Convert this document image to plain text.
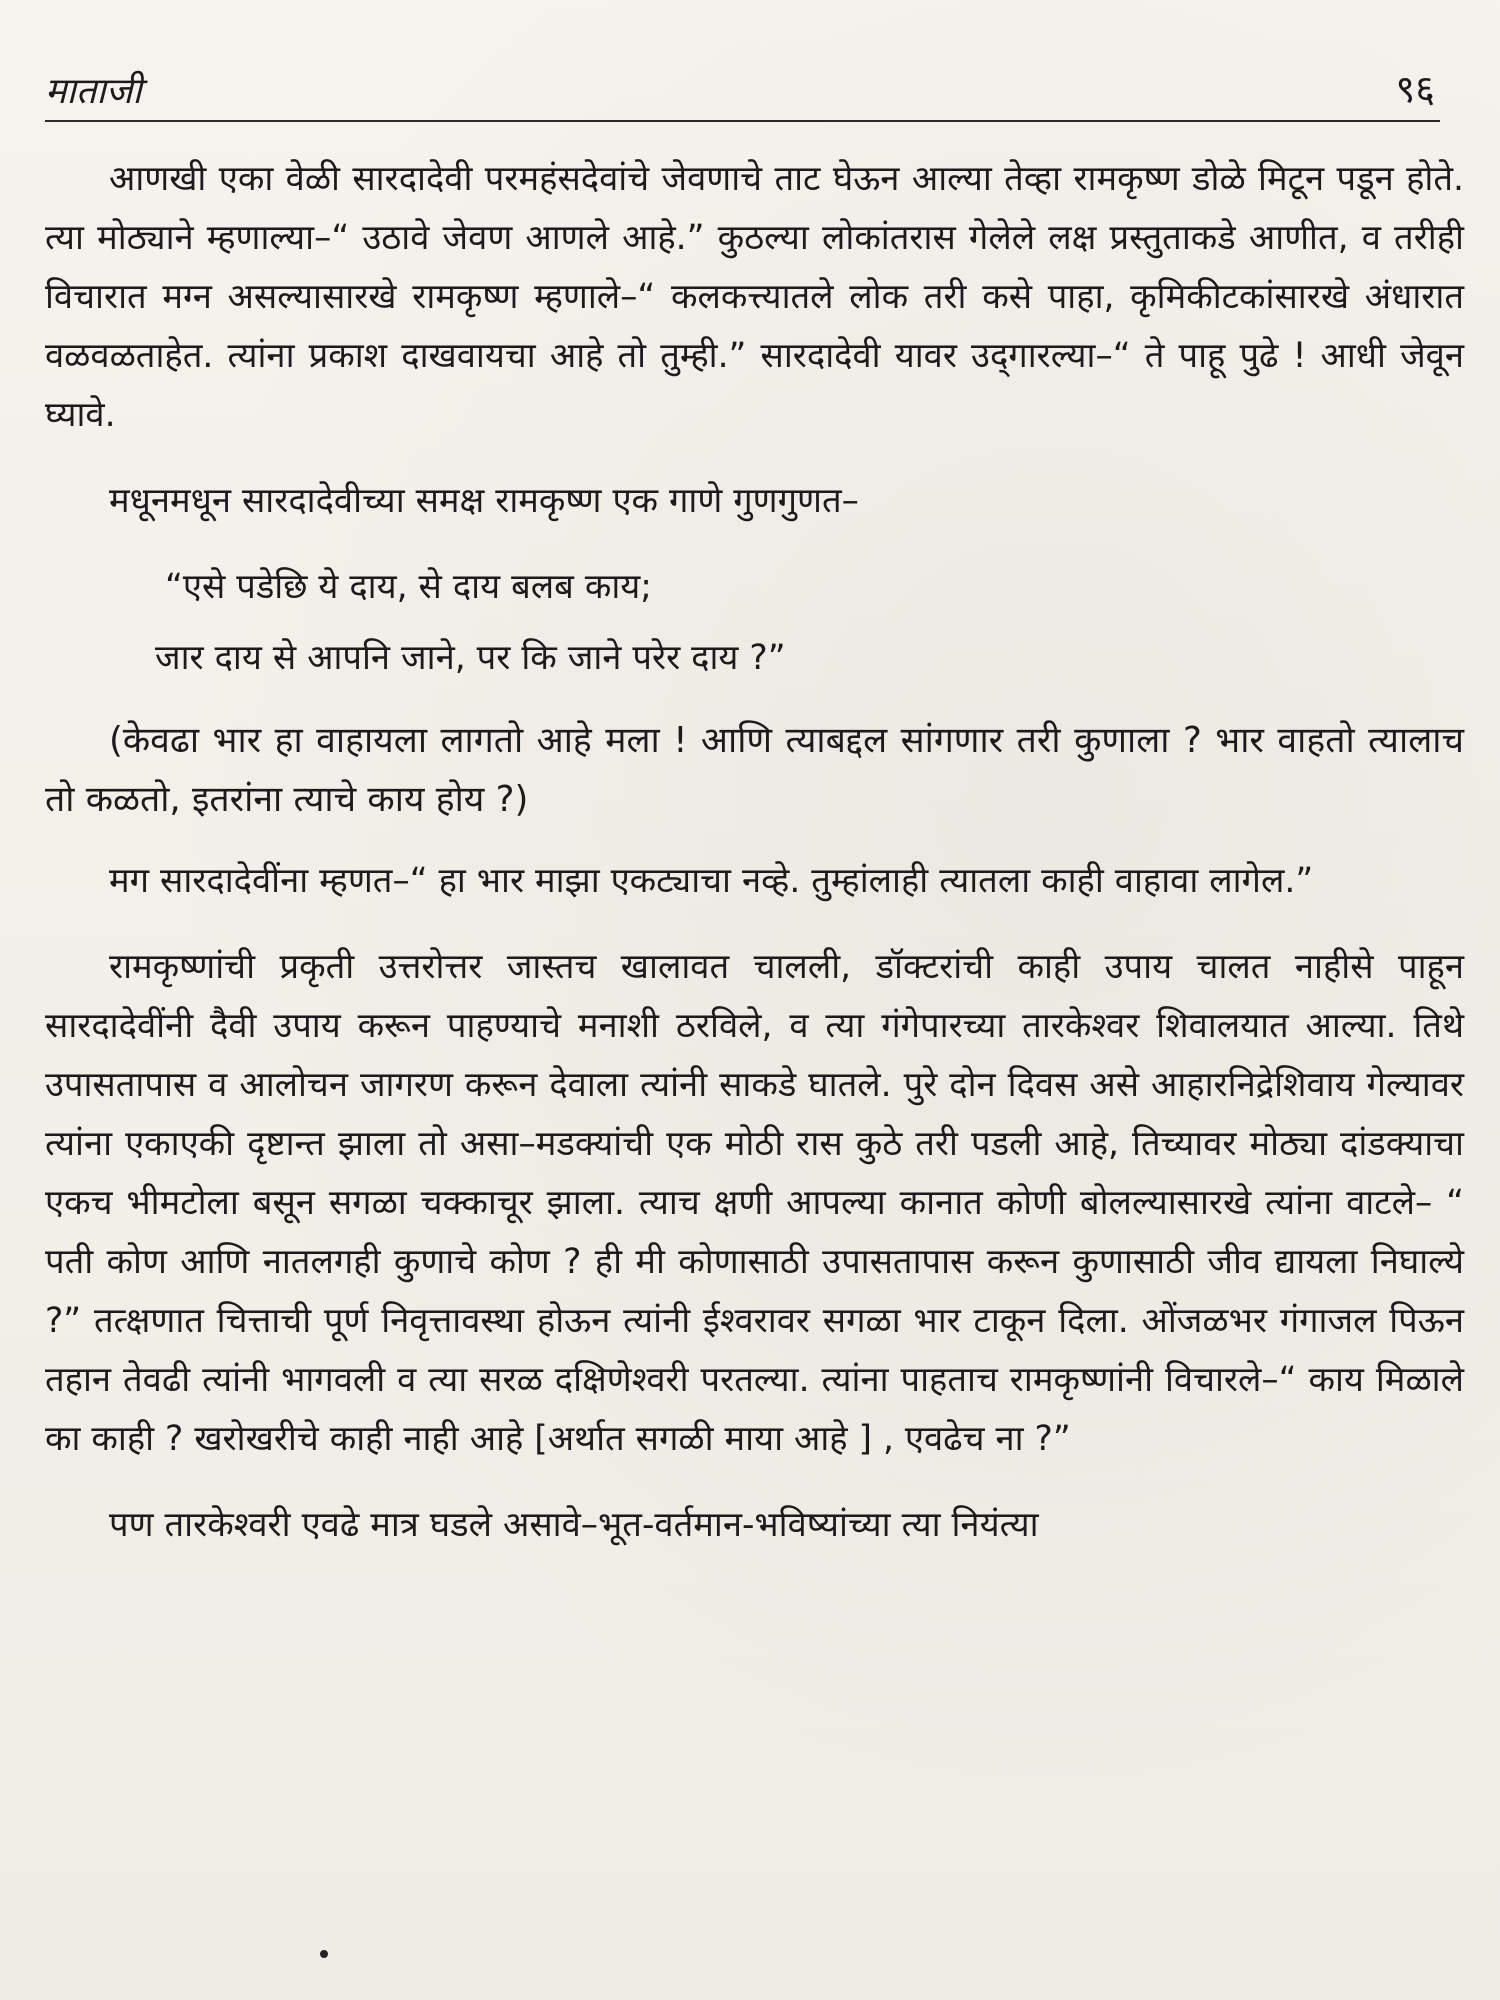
माताजी	९६

आणखी एका वेळी सारदादेवी परमहंसदेवांचे जेवणाचे ताट घेऊन आल्या तेव्हा रामकृष्ण डोळे मिटून पडून होते. त्या मोठ्याने म्हणाल्या–“ उठावे जेवण आणले आहे.” कुठल्या लोकांतरास गेलेले लक्ष प्रस्तुताकडे आणीत, व तरीही विचारात मग्न असल्यासारखे रामकृष्ण म्हणाले–“ कलकत्त्यातले लोक तरी कसे पाहा, कृमिकीटकांसारखे अंधारात वळवळताहेत. त्यांना प्रकाश दाखवायचा आहे तो तुम्ही.” सारदादेवी यावर उद्‌गारल्या–“ ते पाहू पुढे ! आधी जेवून घ्यावे.

मधूनमधून सारदादेवीच्या समक्ष रामकृष्ण एक गाणे गुणगुणत–

“एसे पडेछि ये दाय, से दाय बलब काय;
जार दाय से आपनि जाने, पर कि जाने परेर दाय ?”

(केवढा भार हा वाहायला लागतो आहे मला ! आणि त्याबद्दल सांगणार तरी कुणाला ? भार वाहतो त्यालाच तो कळतो, इतरांना त्याचे काय होय ?)

मग सारदादेवींना म्हणत–“ हा भार माझा एकट्याचा नव्हे. तुम्हांलाही त्यातला काही वाहावा लागेल.”

रामकृष्णांची प्रकृती उत्तरोत्तर जास्तच खालावत चालली, डॉक्टरांची काही उपाय चालत नाहीसे पाहून सारदादेवींनी दैवी उपाय करून पाहण्याचे मनाशी ठरविले, व त्या गंगेपारच्या तारकेश्वर शिवालयात आल्या. तिथे उपासतापास व आलोचन जागरण करून देवाला त्यांनी साकडे घातले. पुरे दोन दिवस असे आहारनिद्रेशिवाय गेल्यावर त्यांना एकाएकी दृष्टान्त झाला तो असा–मडक्यांची एक मोठी रास कुठे तरी पडली आहे, तिच्यावर मोठ्या दांडक्याचा एकच भीमटोला बसून सगळा चक्काचूर झाला. त्याच क्षणी आपल्या कानात कोणी बोलल्यासारखे त्यांना वाटले– “ पती कोण आणि नातलगही कुणाचे कोण ? ही मी कोणासाठी उपासतापास करून कुणासाठी जीव द्यायला निघाल्ये ?” तत्क्षणात चित्ताची पूर्ण निवृत्तावस्था होऊन त्यांनी ईश्वरावर सगळा भार टाकून दिला. ओंजळभर गंगाजल पिऊन तहान तेवढी त्यांनी भागवली व त्या सरळ दक्षिणेश्वरी परतल्या. त्यांना पाहताच रामकृष्णांनी विचारले–“ काय मिळाले का काही ? खरोखरीचे काही नाही आहे [अर्थात सगळी माया आहे ] , एवढेच ना ?”

पण तारकेश्वरी एवढे मात्र घडले असावे–भूत-वर्तमान-भविष्यांच्या त्या नियंत्या
